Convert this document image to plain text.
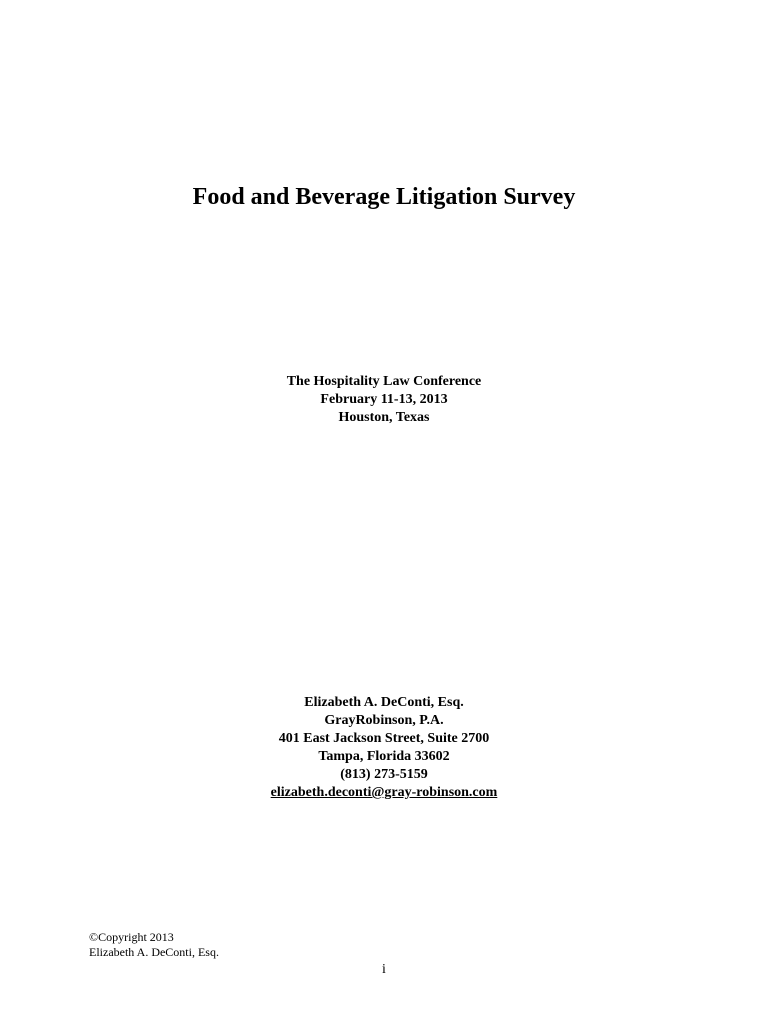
Food and Beverage Litigation Survey
The Hospitality Law Conference
February 11-13, 2013
Houston, Texas
Elizabeth A. DeConti, Esq.
GrayRobinson, P.A.
401 East Jackson Street, Suite 2700
Tampa, Florida 33602
(813) 273-5159
elizabeth.deconti@gray-robinson.com
©Copyright 2013
Elizabeth A. DeConti, Esq.
i
